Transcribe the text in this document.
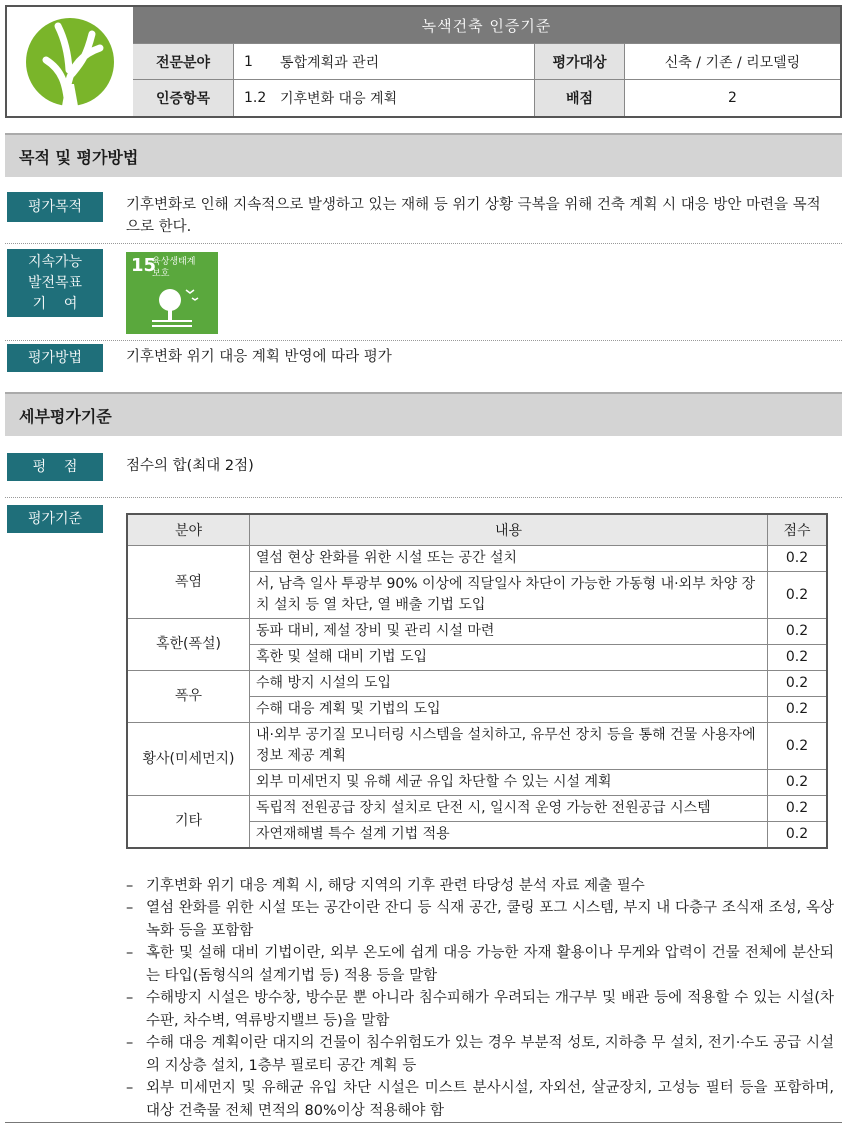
녹색건축 인증기준
전문분야	1	통합계획과 관리	평가대상	신축 / 기존 / 리모델링
인증항목	1.2 기후변화 대응 계획	배점	2
목적 및 평가방법
평가목적	기후변화로 인해 지속적으로 발생하고 있는 재해 등 위기 상황 극복을 위해 건축 계획 시 대응 방안 마련을 목적으로 한다.
지속가능
발전목표
기    여
15
육상생태계
보호
평가방법	기후변화 위기 대응 계획 반영에 따라 평가
세부평가기준
평    점	점수의 합(최대 2점)
평가기준
분야	내용	점수
폭염	열섬 현상 완화를 위한 시설 또는 공간 설치	0.2
	서, 남측 일사 투광부 90% 이상에 직달일사 차단이 가능한 가동형 내·외부 차양 장치 설치 등 열 차단, 열 배출 기법 도입	0.2
혹한(폭설)	동파 대비, 제설 장비 및 관리 시설 마련	0.2
	혹한 및 설해 대비 기법 도입	0.2
폭우	수해 방지 시설의 도입	0.2
	수해 대응 계획 및 기법의 도입	0.2
황사(미세먼지)	내·외부 공기질 모니터링 시스템을 설치하고, 유무선 장치 등을 통해 건물 사용자에 정보 제공 계획	0.2
	외부 미세먼지 및 유해 세균 유입 차단할 수 있는 시설 계획	0.2
기타	독립적 전원공급 장치 설치로 단전 시, 일시적 운영 가능한 전원공급 시스템	0.2
	자연재해별 특수 설계 기법 적용	0.2
– 기후변화 위기 대응 계획 시, 해당 지역의 기후 관련 타당성 분석 자료 제출 필수
– 열섬 완화를 위한 시설 또는 공간이란 잔디 등 식재 공간, 쿨링 포그 시스템, 부지 내 다층구 조식재 조성, 옥상녹화 등을 포함함
– 혹한 및 설해 대비 기법이란, 외부 온도에 쉽게 대응 가능한 자재 활용이나 무게와 압력이 건물 전체에 분산되는 타입(돔형식의 설계기법 등) 적용 등을 말함
– 수해방지 시설은 방수창, 방수문 뿐 아니라 침수피해가 우려되는 개구부 및 배관 등에 적용할 수 있는 시설(차수판, 차수벽, 역류방지밸브 등)을 말함
– 수해 대응 계획이란 대지의 건물이 침수위험도가 있는 경우 부분적 성토, 지하층 무 설치, 전기·수도 공급 시설의 지상층 설치, 1층부 필로티 공간 계획 등
– 외부 미세먼지 및 유해균 유입 차단 시설은 미스트 분사시설, 자외선, 살균장치, 고성능 필터 등을 포함하며, 대상 건축물 전체 면적의 80%이상 적용해야 함
